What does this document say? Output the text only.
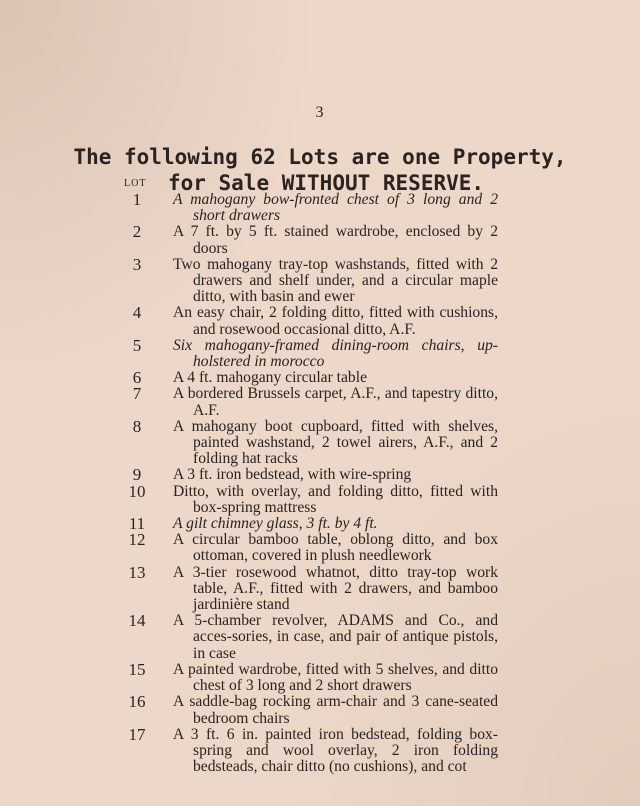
3
The following 62 Lots are one Property,
for Sale WITHOUT RESERVE.
LOT
1	A mahogany bow-fronted chest of 3 long and 2 short drawers
2	A 7 ft. by 5 ft. stained wardrobe, enclosed by 2 doors
3	Two mahogany tray-top washstands, fitted with 2 drawers and shelf under, and a circular maple ditto, with basin and ewer
4	An easy chair, 2 folding ditto, fitted with cushions, and rosewood occasional ditto, A.F.
5	Six mahogany-framed dining-room chairs, up-holstered in morocco
6	A 4 ft. mahogany circular table
7	A bordered Brussels carpet, A.F., and tapestry ditto, A.F.
8	A mahogany boot cupboard, fitted with shelves, painted washstand, 2 towel airers, A.F., and 2 folding hat racks
9	A 3 ft. iron bedstead, with wire-spring
10	Ditto, with overlay, and folding ditto, fitted with box-spring mattress
11	A gilt chimney glass, 3 ft. by 4 ft.
12	A circular bamboo table, oblong ditto, and box ottoman, covered in plush needlework
13	A 3-tier rosewood whatnot, ditto tray-top work table, A.F., fitted with 2 drawers, and bamboo jardinière stand
14	A 5-chamber revolver, ADAMS and Co., and acces-sories, in case, and pair of antique pistols, in case
15	A painted wardrobe, fitted with 5 shelves, and ditto chest of 3 long and 2 short drawers
16	A saddle-bag rocking arm-chair and 3 cane-seated bedroom chairs
17	A 3 ft. 6 in. painted iron bedstead, folding box-spring and wool overlay, 2 iron folding bedsteads, chair ditto (no cushions), and cot
